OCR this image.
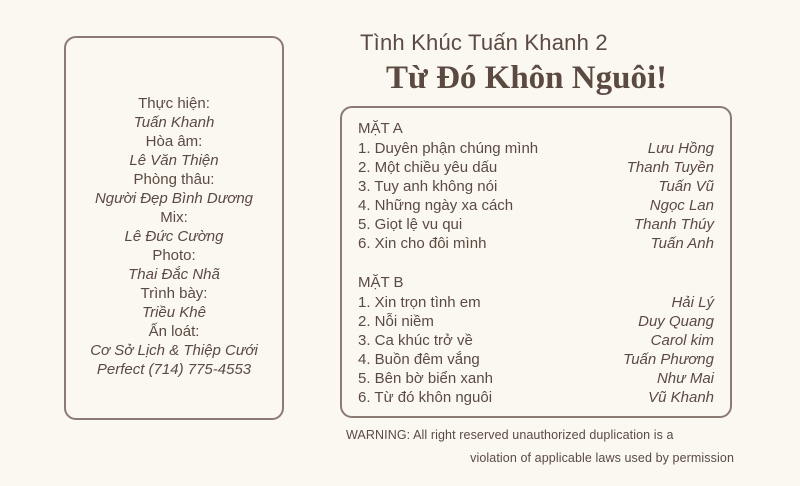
Thực hiện:
Tuấn Khanh
Hòa âm:
Lê Văn Thiện
Phòng thâu:
Người Đẹp Bình Dương
Mix:
Lê Đức Cường
Photo:
Thai Đắc Nhã
Trình bày:
Triều Khê
Ấn loát:
Cơ Sở Lịch & Thiệp Cưới
Perfect (714) 775-4553
Tình Khúc Tuấn Khanh 2
Từ Đó Khôn Nguôi!
MẶT A
1. Duyên phận chúng mình	Lưu Hồng
2. Một chiều yêu dấu	Thanh Tuyền
3. Tuy anh không nói	Tuấn Vũ
4. Những ngày xa cách	Ngọc Lan
5. Giọt lệ vu qui	Thanh Thúy
6. Xin cho đôi mình	Tuấn Anh
MẶT B
1. Xin trọn tình em	Hải Lý
2. Nỗi niềm	Duy Quang
3. Ca khúc trở về	Carol kim
4. Buồn đêm vắng	Tuấn Phương
5. Bên bờ biển xanh	Như Mai
6. Từ đó khôn nguôi	Vũ Khanh
WARNING: All right reserved unauthorized duplication is a
violation of applicable laws used by permission
